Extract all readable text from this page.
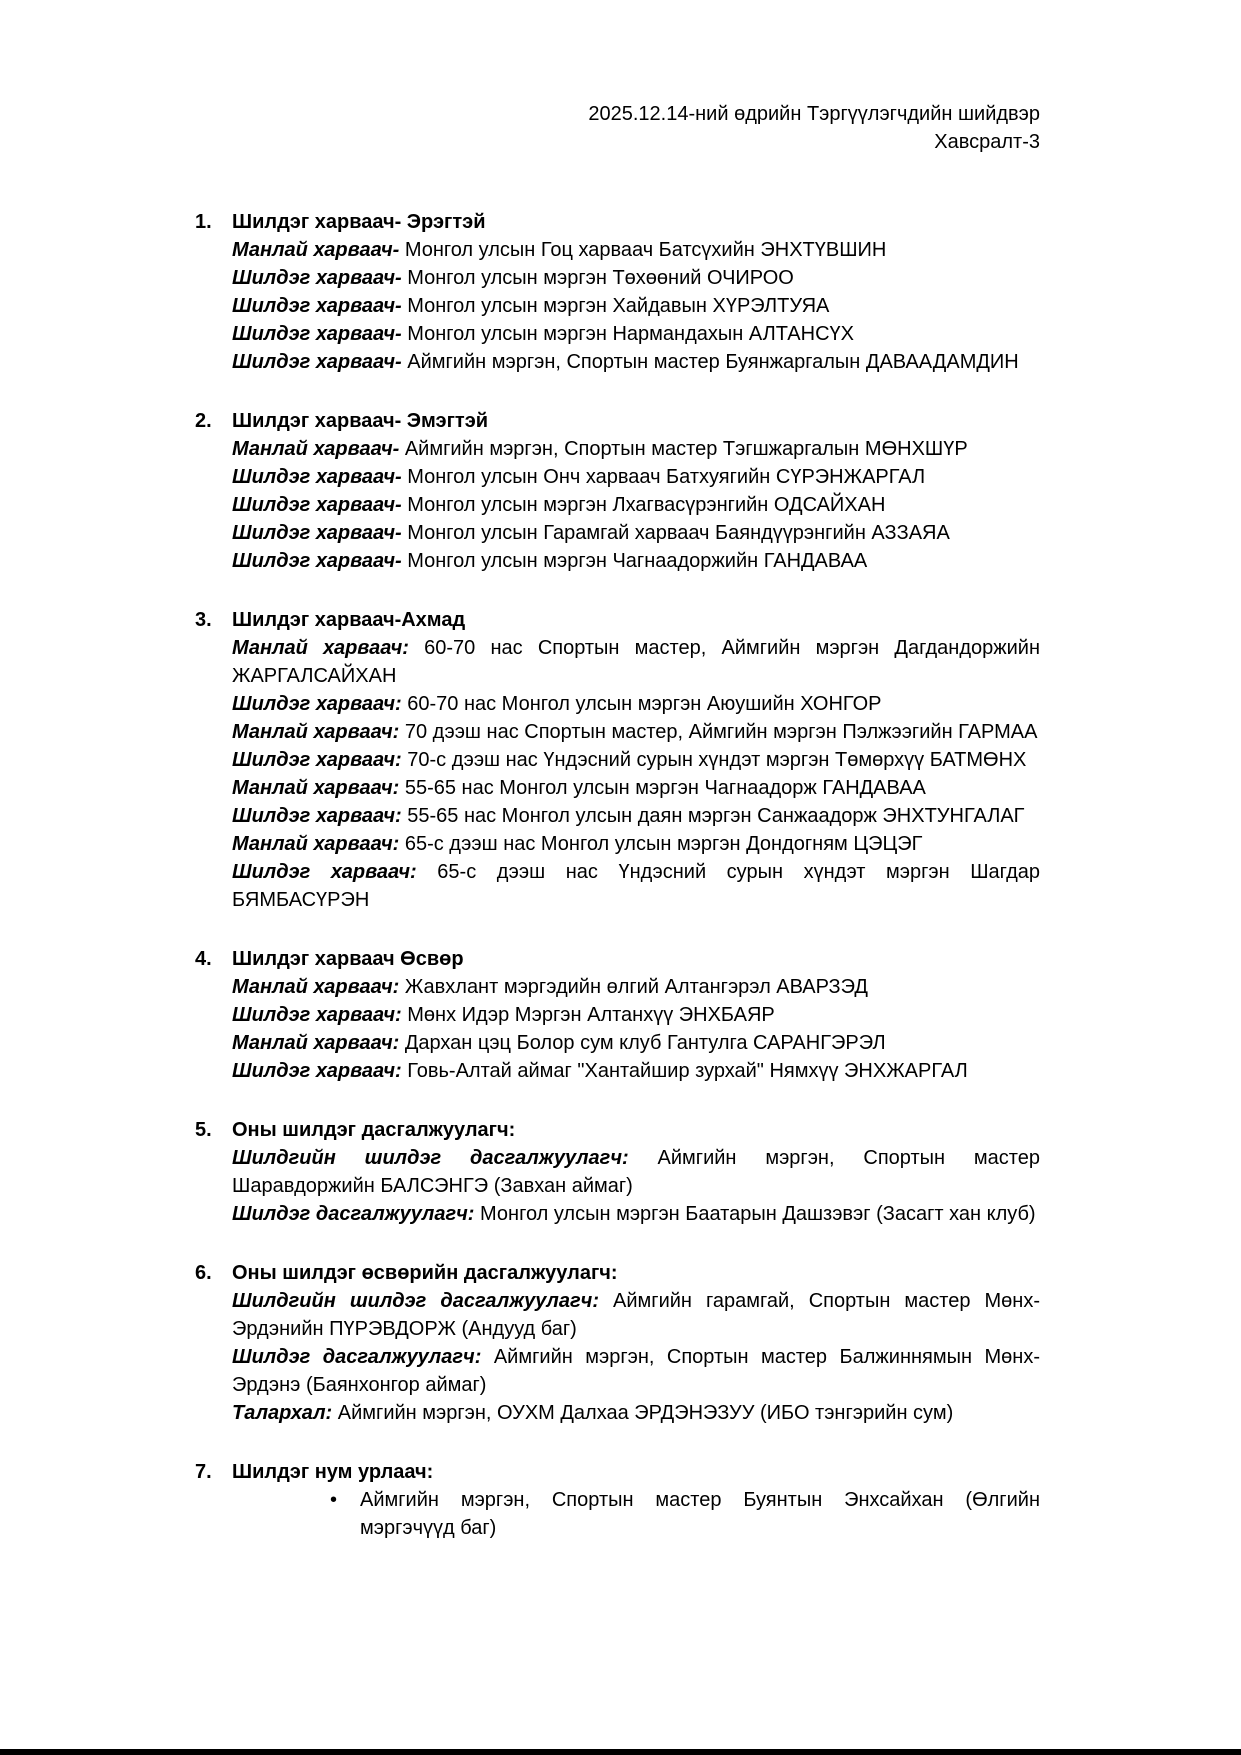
2025.12.14-ний өдрийн Тэргүүлэгчдийн шийдвэр
Хавсралт-3
1. Шилдэг харваач- Эрэгтэй
Манлай харваач- Монгол улсын Гоц харваач Батсүхийн ЭНХТҮВШИН
Шилдэг харваач- Монгол улсын мэргэн Төхөөний ОЧИРОО
Шилдэг харваач- Монгол улсын мэргэн Хайдавын ХҮРЭЛТУЯА
Шилдэг харваач- Монгол улсын мэргэн Нармандахын АЛТАНСҮХ
Шилдэг харваач- Аймгийн мэргэн, Спортын мастер Буянжаргалын ДАВААДАМДИН
2. Шилдэг харваач- Эмэгтэй
Манлай харваач- Аймгийн мэргэн, Спортын мастер Тэгшжаргалын МӨНХШҮР
Шилдэг харваач- Монгол улсын Онч харваач Батхуягийн СҮРЭНЖАРГАЛ
Шилдэг харваач- Монгол улсын мэргэн Лхагвасүрэнгийн ОДСАЙХАН
Шилдэг харваач- Монгол улсын Гарамгай харваач Баяндүүрэнгийн АЗЗАЯА
Шилдэг харваач- Монгол улсын мэргэн Чагнаадоржийн ГАНДАВАА
3. Шилдэг харваач-Ахмад
Манлай харваач: 60-70 нас Спортын мастер, Аймгийн мэргэн Дагдандоржийн ЖАРГАЛСАЙХАН
Шилдэг харваач: 60-70 нас Монгол улсын мэргэн Аюушийн ХОНГОР
Манлай харваач: 70 дээш нас Спортын мастер, Аймгийн мэргэн Пэлжээгийн ГАРМАА
Шилдэг харваач: 70-с дээш нас Үндэсний сурын хүндэт мэргэн Төмөрхүү БАТМӨНХ
Манлай харваач: 55-65 нас Монгол улсын мэргэн Чагнаадорж ГАНДАВАА
Шилдэг харваач: 55-65 нас Монгол улсын даян мэргэн Санжаадорж ЭНХТУНГАЛАГ
Манлай харваач: 65-с дээш нас Монгол улсын мэргэн Дондогням ЦЭЦЭГ
Шилдэг харваач: 65-с дээш нас Үндэсний сурын хүндэт мэргэн Шагдар БЯМБАСҮРЭН
4. Шилдэг харваач Өсвөр
Манлай харваач: Жавхлант мэргэдийн өлгий Алтангэрэл АВАРЗЭД
Шилдэг харваач: Мөнх Идэр Мэргэн Алтанхүү ЭНХБАЯР
Манлай харваач: Дархан цэц Болор сум клуб Гантулга САРАНГЭРЭЛ
Шилдэг харваач: Говь-Алтай аймаг "Хантайшир зурхай" Нямхүү ЭНХЖАРГАЛ
5. Оны шилдэг дасгалжуулагч:
Шилдгийн шилдэг дасгалжуулагч: Аймгийн мэргэн, Спортын мастер Шаравдоржийн БАЛСЭНГЭ (Завхан аймаг)
Шилдэг дасгалжуулагч: Монгол улсын мэргэн Баатарын Дашзэвэг (Засагт хан клуб)
6. Оны шилдэг өсвөрийн дасгалжуулагч:
Шилдгийн шилдэг дасгалжуулагч: Аймгийн гарамгай, Спортын мастер Мөнх-Эрдэнийн ПҮРЭВДОРЖ (Андууд баг)
Шилдэг дасгалжуулагч: Аймгийн мэргэн, Спортын мастер Балжиннямын Мөнх-Эрдэнэ (Баянхонгор аймаг)
Талархал: Аймгийн мэргэн, ОУХМ Далхаа ЭРДЭНЭЗУУ (ИБО тэнгэрийн сум)
7. Шилдэг нум урлаач:
• Аймгийн мэргэн, Спортын мастер Буянтын Энхсайхан (Өлгийн мэргэчүүд баг)
